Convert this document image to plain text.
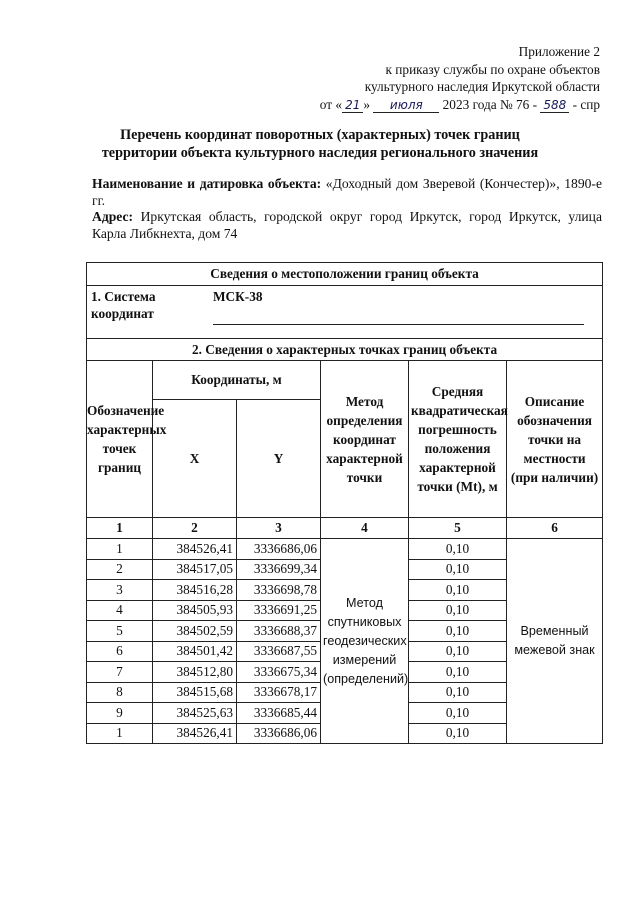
Приложение 2
к приказу службы по охране объектов
культурного наследия Иркутской области
от « 21 » июля 2023 года № 76 - 588 - спр
Перечень координат поворотных (характерных) точек границ
территории объекта культурного наследия регионального значения
Наименование и датировка объекта: «Доходный дом Зверевой (Кончестер)», 1890-е гг.
Адрес: Иркутская область, городской округ город Иркутск, город Иркутск, улица Карла Либкнехта, дом 74
Сведения о местоположении границ объекта					

1. Система координат
МСК-38					

2. Сведения о характерных точках границ объекта					
Обозначение характерных точек границ	Координаты, м		Метод определения координат характерной точки	Средняя квадратическая погрешность положения характерной точки (Mt), м	Описание обозначения точки на местности (при наличии)
	X	Y			
1	2	3	4	5	6
1	384526,41	3336686,06	Метод спутниковых геодезических измерений (определений)	0,10	Временный межевой знак
2	384517,05	3336699,34		0,10	
3	384516,28	3336698,78		0,10	
4	384505,93	3336691,25		0,10	
5	384502,59	3336688,37		0,10	
6	384501,42	3336687,55		0,10	
7	384512,80	3336675,34		0,10	
8	384515,68	3336678,17		0,10	
9	384525,63	3336685,44		0,10	
1	384526,41	3336686,06		0,10	
